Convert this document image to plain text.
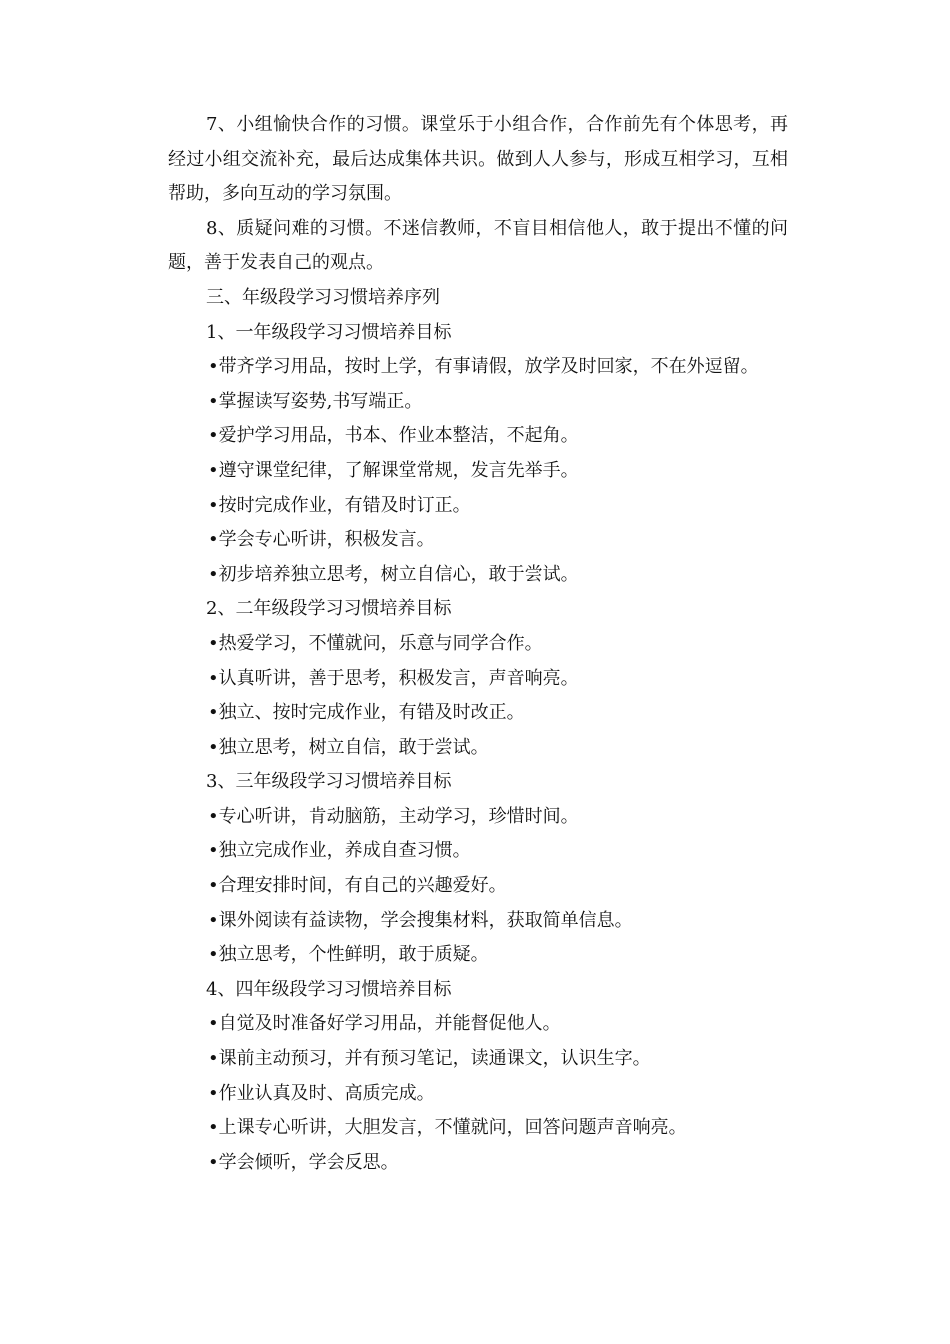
7、小组愉快合作的习惯。课堂乐于小组合作，合作前先有个体思考，再经过小组交流补充，最后达成集体共识。做到人人参与，形成互相学习，互相帮助，多向互动的学习氛围。

8、质疑问难的习惯。不迷信教师，不盲目相信他人，敢于提出不懂的问题，善于发表自己的观点。

三、年级段学习习惯培养序列

1、一年级段学习习惯培养目标

•带齐学习用品，按时上学，有事请假，放学及时回家，不在外逗留。

•掌握读写姿势,书写端正。

•爱护学习用品，书本、作业本整洁，不起角。

•遵守课堂纪律，了解课堂常规，发言先举手。

•按时完成作业，有错及时订正。

•学会专心听讲，积极发言。

•初步培养独立思考，树立自信心，敢于尝试。

2、二年级段学习习惯培养目标

•热爱学习，不懂就问，乐意与同学合作。

•认真听讲，善于思考，积极发言，声音响亮。

•独立、按时完成作业，有错及时改正。

•独立思考，树立自信，敢于尝试。

3、三年级段学习习惯培养目标

•专心听讲，肯动脑筋，主动学习，珍惜时间。

•独立完成作业，养成自查习惯。

•合理安排时间，有自己的兴趣爱好。

•课外阅读有益读物，学会搜集材料，获取简单信息。

•独立思考，个性鲜明，敢于质疑。

4、四年级段学习习惯培养目标

•自觉及时准备好学习用品，并能督促他人。

•课前主动预习，并有预习笔记，读通课文，认识生字。

•作业认真及时、高质完成。

•上课专心听讲，大胆发言，不懂就问，回答问题声音响亮。

•学会倾听，学会反思。
